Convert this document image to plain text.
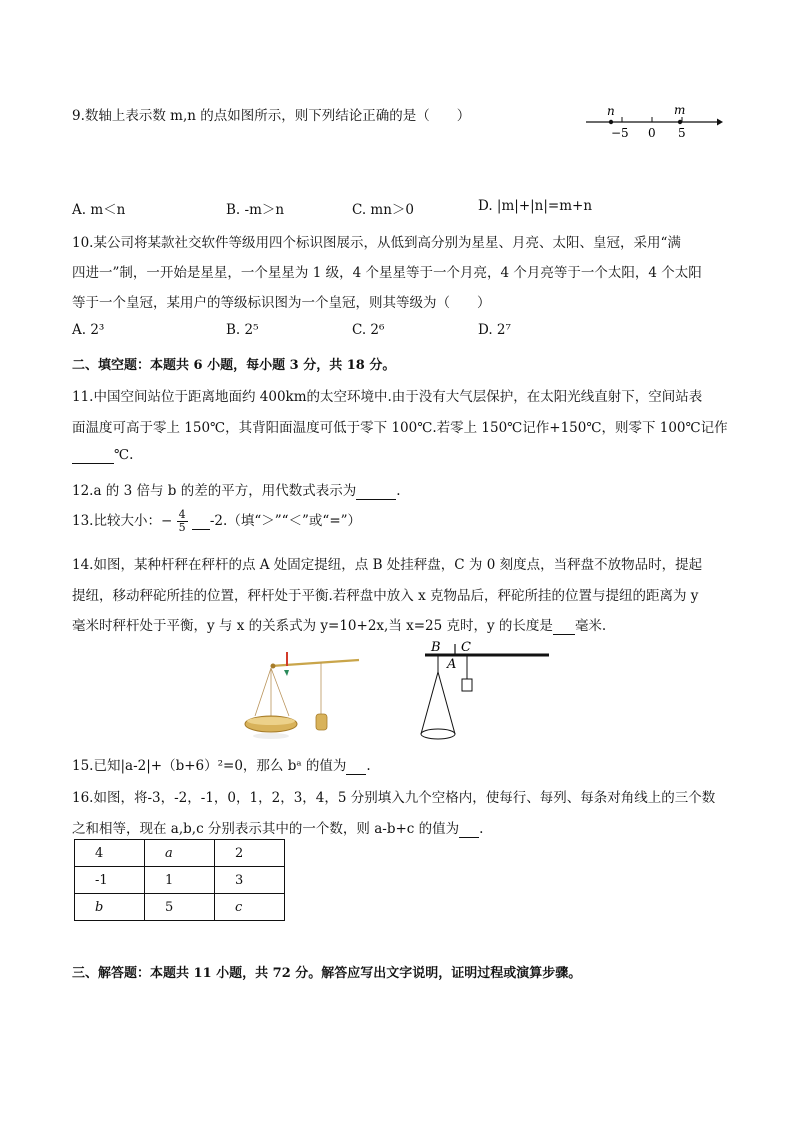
9.数轴上表示数 m,n 的点如图所示，则下列结论正确的是（　　）	n	m
−5 0 5
A. m＜n	B. -m＞n	C. mn＞0	D. |m|+|n|=m+n
10.某公司将某款社交软件等级用四个标识图展示，从低到高分别为星星、月亮、太阳、皇冠，采用“满
四进一”制，一开始是星星，一个星星为 1 级，4 个星星等于一个月亮，4 个月亮等于一个太阳，4 个太阳
等于一个皇冠，某用户的等级标识图为一个皇冠，则其等级为（　　）
A. 2³	B. 2⁵	C. 2⁶	D. 2⁷
二、填空题：本题共 6 小题，每小题 3 分，共 18 分。
11.中国空间站位于距离地面约 400km的太空环境中.由于没有大气层保护，在太阳光线直射下，空间站表
面温度可高于零上 150℃，其背阳面温度可低于零下 100℃.若零上 150℃记作+150℃，则零下 100℃记作
℃.
12.a 的 3 倍与 b 的差的平方，用代数式表示为	.
13.比较大小：− $\frac{4}{5} -2$.（填“＞”“＜”或“=”）
14.如图，某种杆秤在秤杆的点 A 处固定提纽，点 B 处挂秤盘，C 为 0 刻度点，当秤盘不放物品时，提起
提纽，移动秤砣所挂的位置，秤杆处于平衡.若秤盘中放入 x 克物品后，秤砣所挂的位置与提纽的距离为 y
毫米时秤杆处于平衡，y 与 x 的关系式为 y=10+2x,当 x=25 克时，y 的长度是 毫米.
B C
A
15.已知|a-2|+（b+6）²=0，那么 bᵃ 的值为 .
16.如图，将-3，-2，-1，0，1，2，3，4，5 分别填入九个空格内，使每行、每列、每条对角线上的三个数
之和相等，现在 a,b,c 分别表示其中的一个数，则 a-b+c 的值为 .
4	a	2
-1	1	3
b	5	c
三、解答题：本题共 11 小题，共 72 分。解答应写出文字说明，证明过程或演算步骤。
